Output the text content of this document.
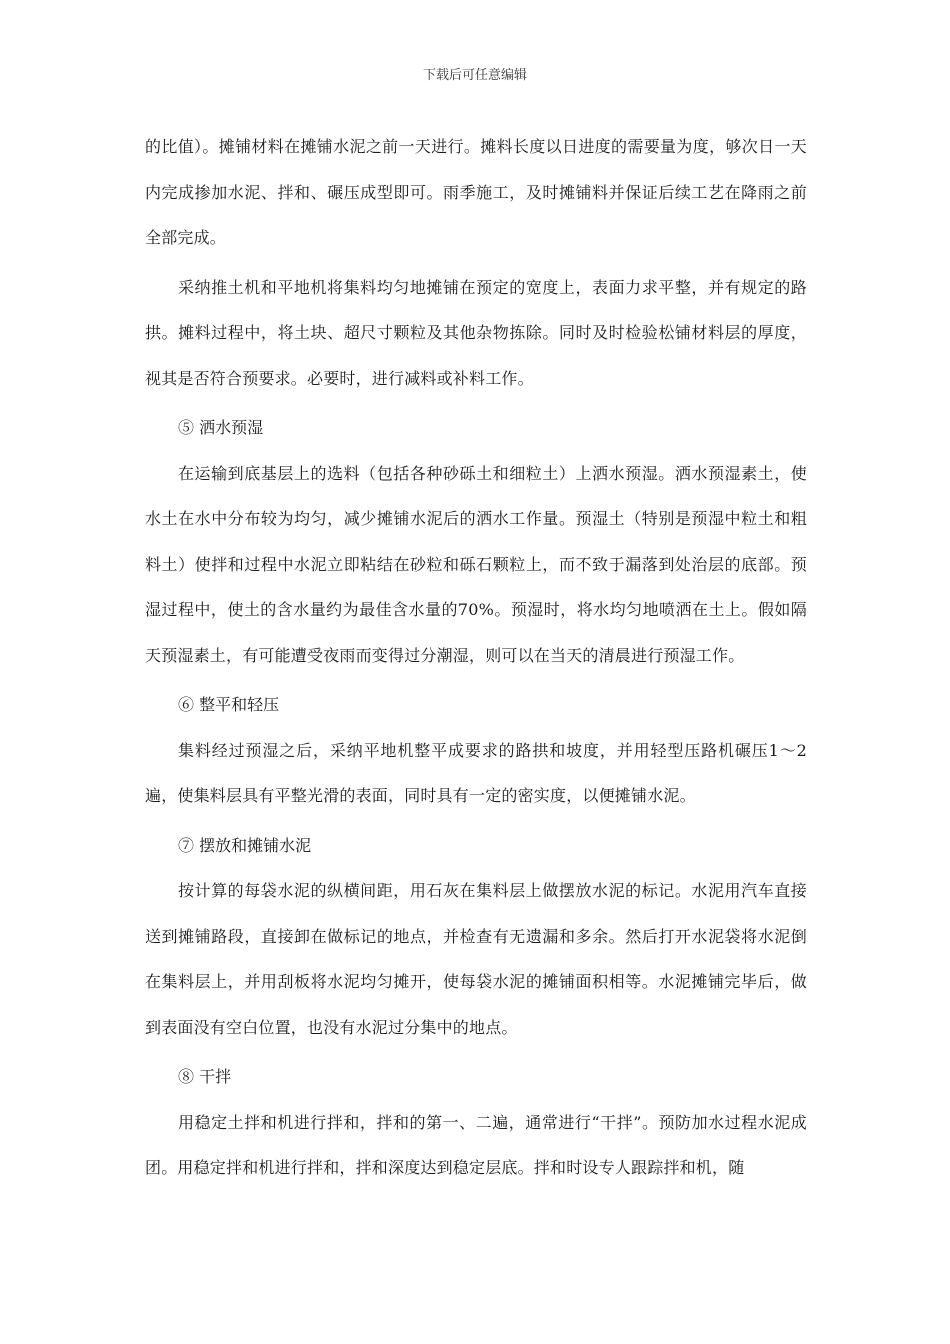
下载后可任意编辑

的比值）。摊铺材料在摊铺水泥之前一天进行。摊料长度以日进度的需要量为度，够次日一天内完成掺加水泥、拌和、碾压成型即可。雨季施工，及时摊铺料并保证后续工艺在降雨之前全部完成。

采纳推土机和平地机将集料均匀地摊铺在预定的宽度上，表面力求平整，并有规定的路拱。摊料过程中，将土块、超尺寸颗粒及其他杂物拣除。同时及时检验松铺材料层的厚度，视其是否符合预要求。必要时，进行减料或补料工作。

⑤ 洒水预湿

在运输到底基层上的选料（包括各种砂砾土和细粒土）上洒水预湿。洒水预湿素土，使水土在水中分布较为均匀，减少摊铺水泥后的洒水工作量。预湿土（特别是预湿中粒土和粗料土）使拌和过程中水泥立即粘结在砂粒和砾石颗粒上，而不致于漏落到处治层的底部。预湿过程中，使土的含水量约为最佳含水量的70%。预湿时，将水均匀地喷洒在土上。假如隔天预湿素土，有可能遭受夜雨而变得过分潮湿，则可以在当天的清晨进行预湿工作。

⑥ 整平和轻压

集料经过预湿之后，采纳平地机整平成要求的路拱和坡度，并用轻型压路机碾压1～2遍，使集料层具有平整光滑的表面，同时具有一定的密实度，以便摊铺水泥。

⑦ 摆放和摊铺水泥

按计算的每袋水泥的纵横间距，用石灰在集料层上做摆放水泥的标记。水泥用汽车直接送到摊铺路段，直接卸在做标记的地点，并检查有无遗漏和多余。然后打开水泥袋将水泥倒在集料层上，并用刮板将水泥均匀摊开，使每袋水泥的摊铺面积相等。水泥摊铺完毕后，做到表面没有空白位置，也没有水泥过分集中的地点。

⑧ 干拌

用稳定土拌和机进行拌和，拌和的第一、二遍，通常进行“干拌”。预防加水过程水泥成团。用稳定拌和机进行拌和，拌和深度达到稳定层底。拌和时设专人跟踪拌和机，随
